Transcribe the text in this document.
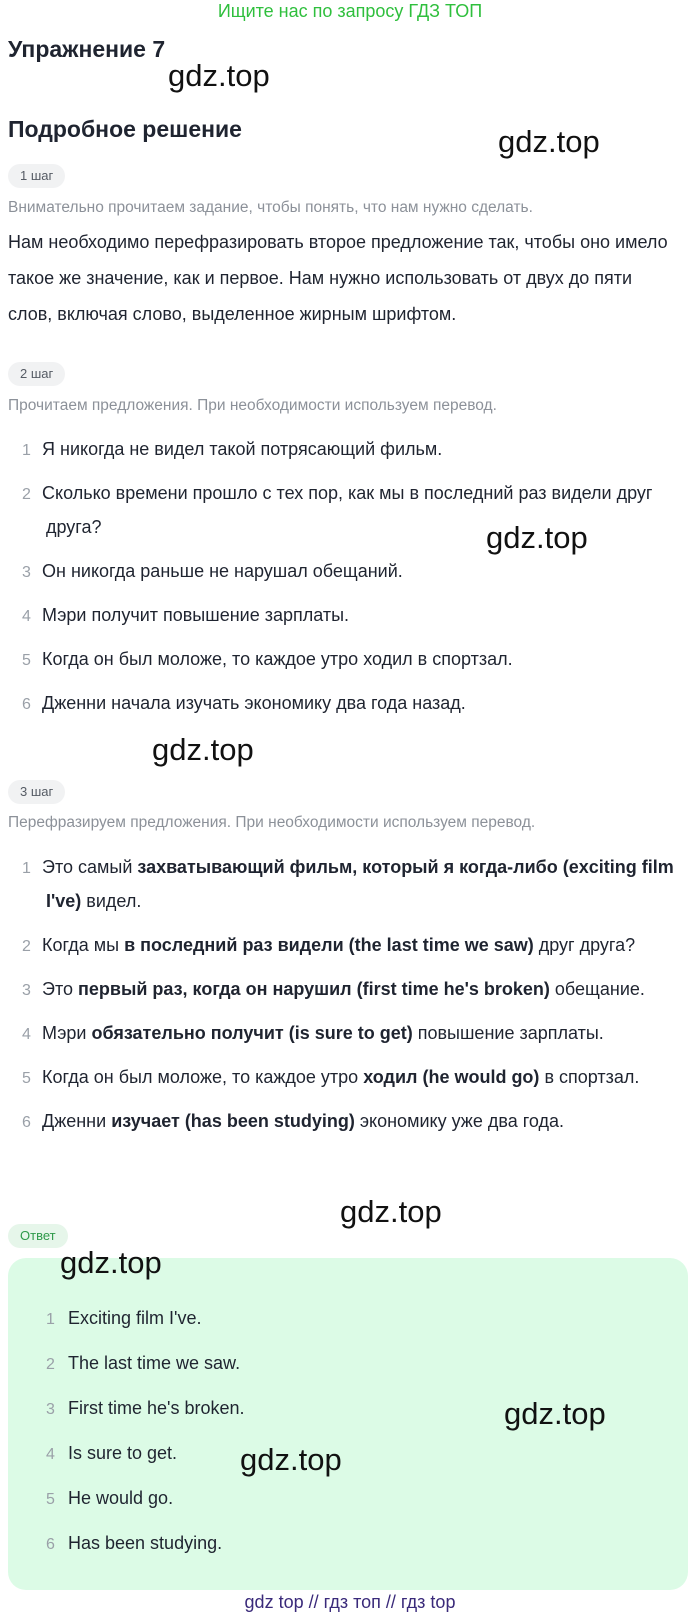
Ищите нас по запросу ГДЗ ТОП
Упражнение 7
gdz.top
Подробное решение	gdz.top
1 шаг
Внимательно прочитаем задание, чтобы понять, что нам нужно сделать.
Нам необходимо перефразировать второе предложение так, чтобы оно имело
такое же значение, как и первое. Нам нужно использовать от двух до пяти
слов, включая слово, выделенное жирным шрифтом.
2 шаг
Прочитаем предложения. При необходимости используем перевод.
1 Я никогда не видел такой потрясающий фильм.
2 Сколько времени прошло с тех пор, как мы в последний раз видели друг
друга?
3 Он никогда раньше не нарушал обещаний.
4 Мэри получит повышение зарплаты.
5 Когда он был моложе, то каждое утро ходил в спортзал.
6 Дженни начала изучать экономику два года назад.
gdz.top
gdz.top
3 шаг
Перефразируем предложения. При необходимости используем перевод.
1 Это самый захватывающий фильм, который я когда-либо (exciting film
I've) видел.
2 Когда мы в последний раз видели (the last time we saw) друг друга?
3 Это первый раз, когда он нарушил (first time he's broken) обещание.
4 Мэри обязательно получит (is sure to get) повышение зарплаты.
5 Когда он был моложе, то каждое утро ходил (he would go) в спортзал.
6 Дженни изучает (has been studying) экономику уже два года.
gdz.top
Ответ
gdz.top
1 Exciting film I've.
2 The last time we saw.
3 First time he's broken.
4 Is sure to get.
5 He would go.
6 Has been studying.
gdz.top
gdz.top
gdz top // гдз топ // гдз top
